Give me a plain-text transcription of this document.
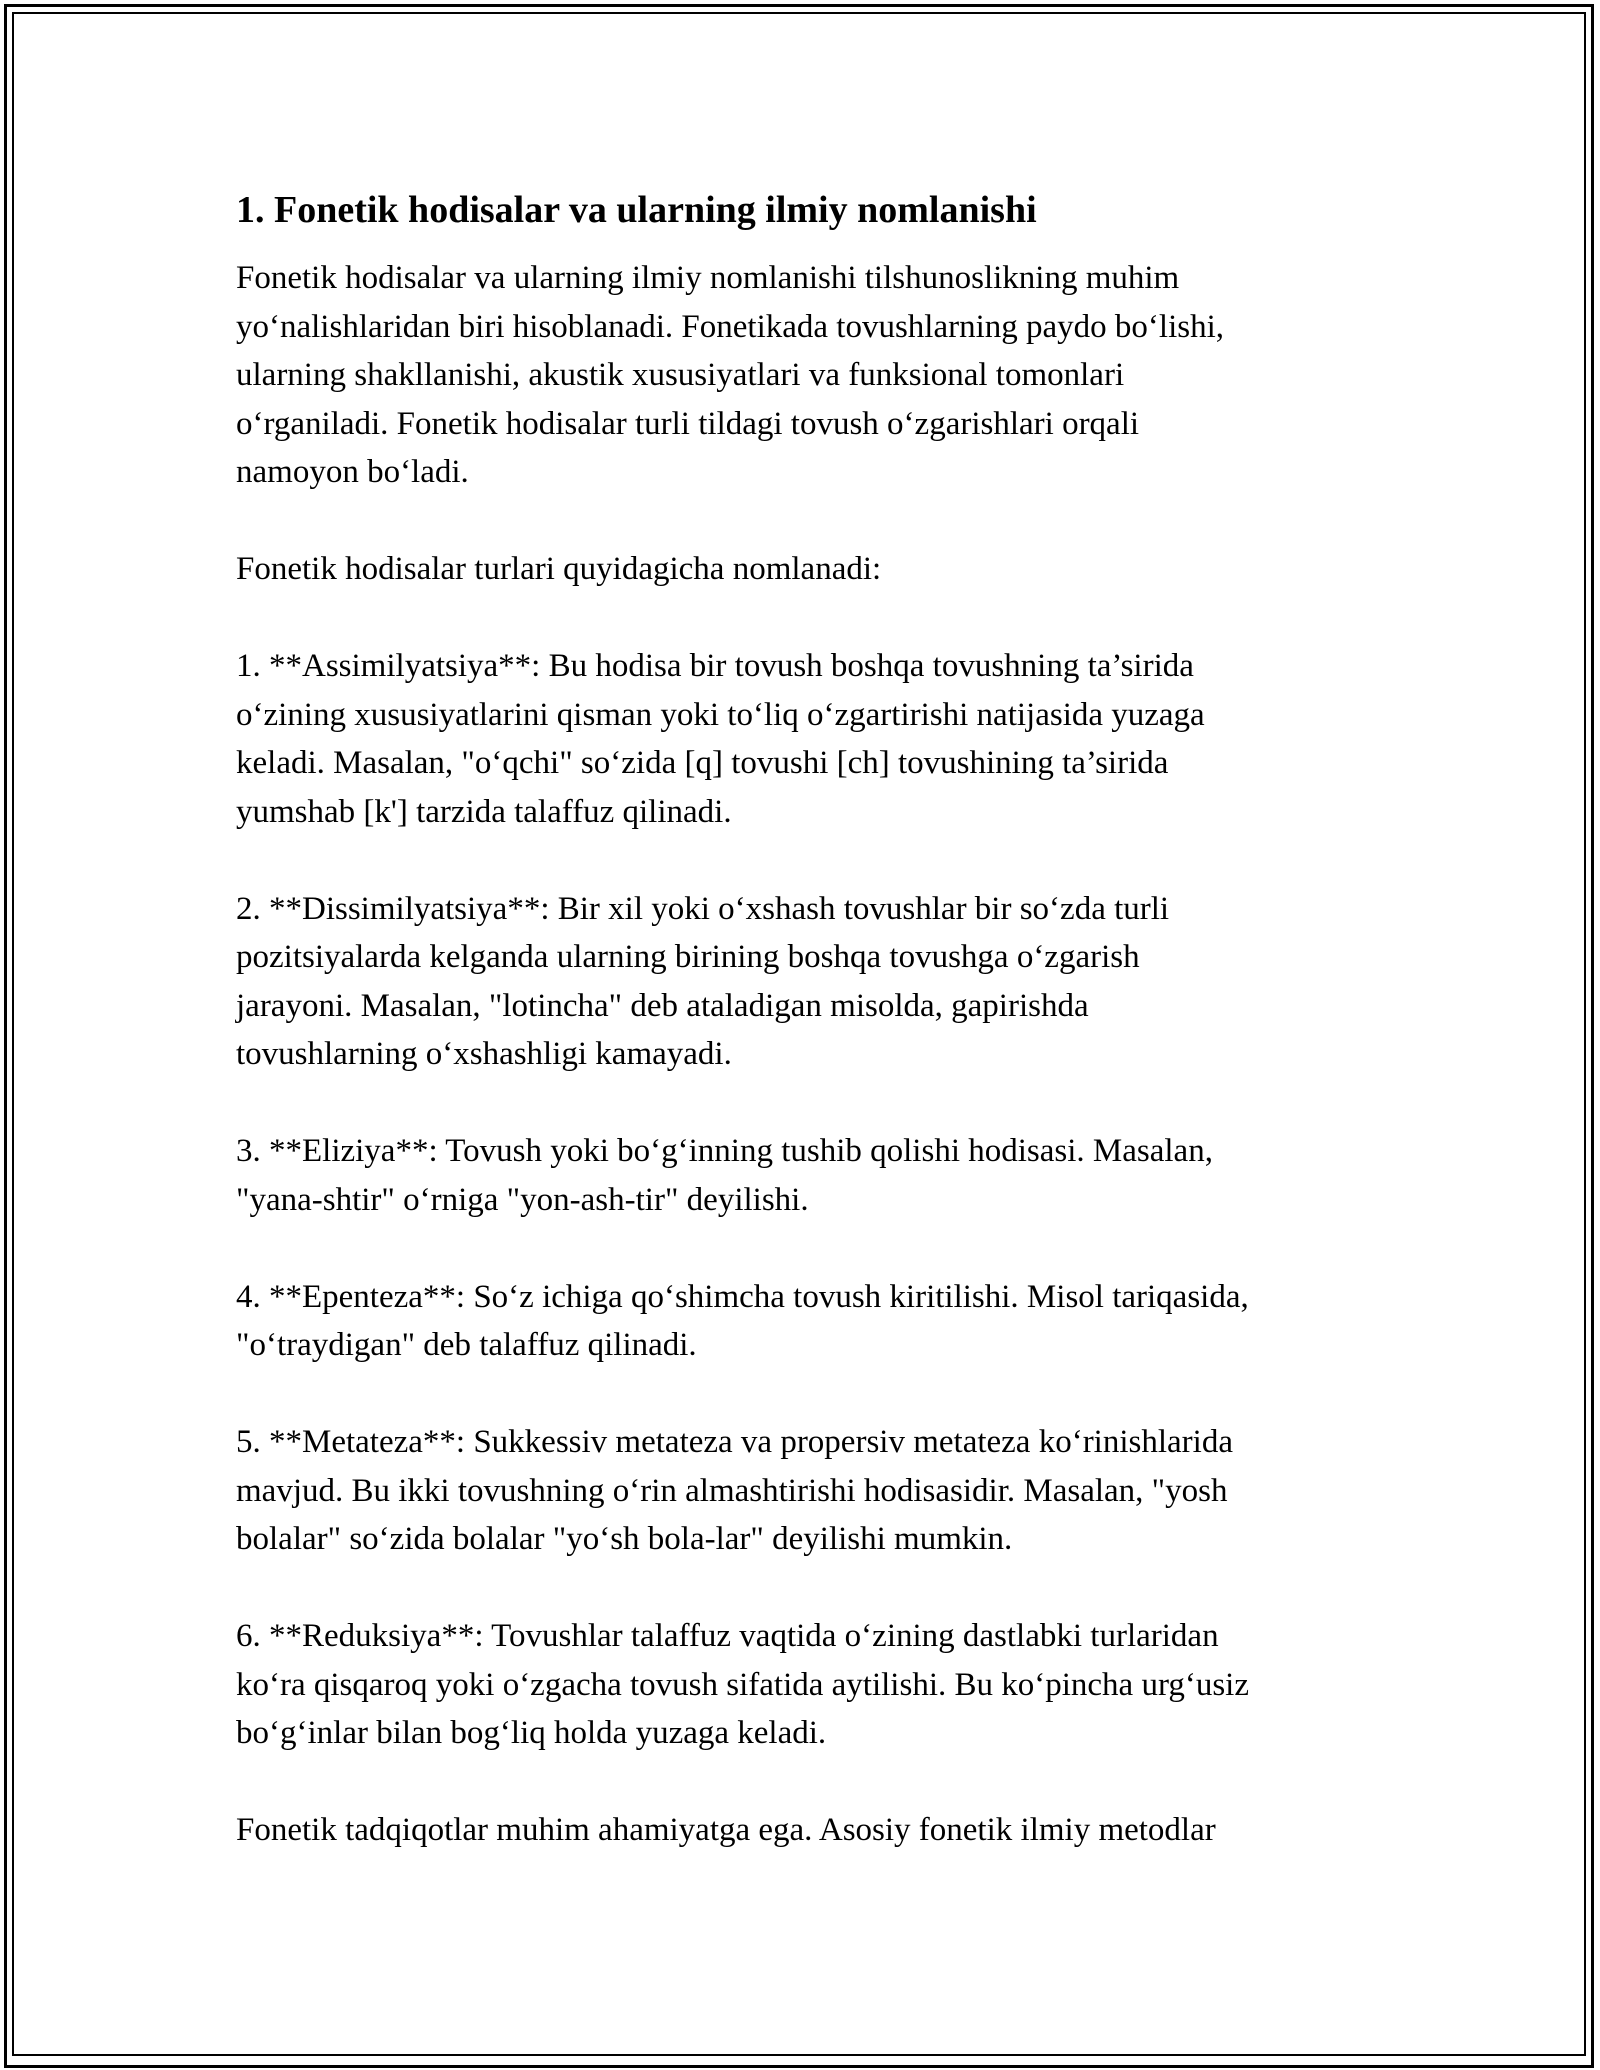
1. Fonetik hodisalar va ularning ilmiy nomlanishi

Fonetik hodisalar va ularning ilmiy nomlanishi tilshunoslikning muhim
yo‘nalishlaridan biri hisoblanadi. Fonetikada tovushlarning paydo bo‘lishi,
ularning shakllanishi, akustik xususiyatlari va funksional tomonlari
o‘rganiladi. Fonetik hodisalar turli tildagi tovush o‘zgarishlari orqali
namoyon bo‘ladi.

Fonetik hodisalar turlari quyidagicha nomlanadi:

1. **Assimilyatsiya**: Bu hodisa bir tovush boshqa tovushning ta’sirida
o‘zining xususiyatlarini qisman yoki to‘liq o‘zgartirishi natijasida yuzaga
keladi. Masalan, "o‘qchi" so‘zida [q] tovushi [ch] tovushining ta’sirida
yumshab [k'] tarzida talaffuz qilinadi.

2. **Dissimilyatsiya**: Bir xil yoki o‘xshash tovushlar bir so‘zda turli
pozitsiyalarda kelganda ularning birining boshqa tovushga o‘zgarish
jarayoni. Masalan, "lotincha" deb ataladigan misolda, gapirishda
tovushlarning o‘xshashligi kamayadi.

3. **Eliziya**: Tovush yoki bo‘g‘inning tushib qolishi hodisasi. Masalan,
"yana-shtir" o‘rniga "yon-ash-tir" deyilishi.

4. **Epenteza**: So‘z ichiga qo‘shimcha tovush kiritilishi. Misol tariqasida,
"o‘traydigan" deb talaffuz qilinadi.

5. **Metateza**: Sukkessiv metateza va propersiv metateza ko‘rinishlarida
mavjud. Bu ikki tovushning o‘rin almashtirishi hodisasidir. Masalan, "yosh
bolalar" so‘zida bolalar "yo‘sh bola-lar" deyilishi mumkin.

6. **Reduksiya**: Tovushlar talaffuz vaqtida o‘zining dastlabki turlaridan
ko‘ra qisqaroq yoki o‘zgacha tovush sifatida aytilishi. Bu ko‘pincha urg‘usiz
bo‘g‘inlar bilan bog‘liq holda yuzaga keladi.

Fonetik tadqiqotlar muhim ahamiyatga ega. Asosiy fonetik ilmiy metodlar
